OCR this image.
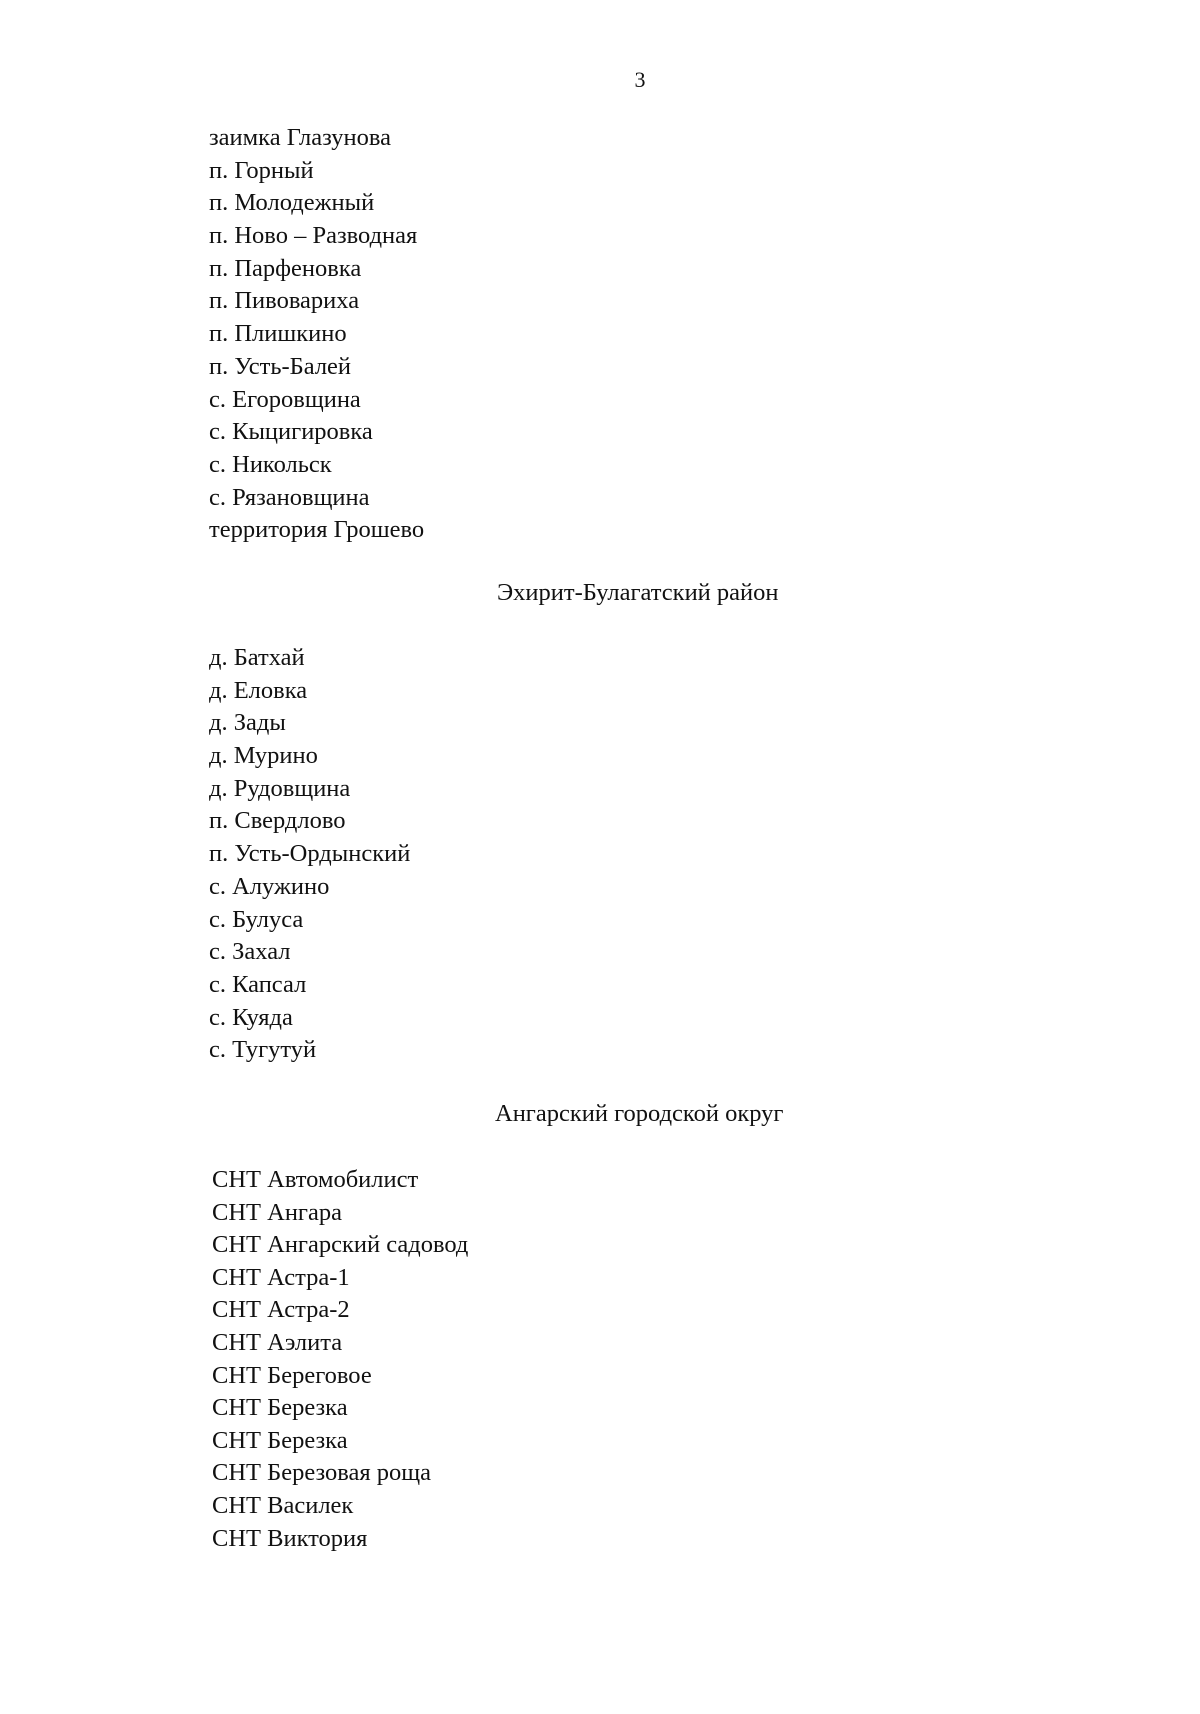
3
заимка Глазунова
п. Горный
п. Молодежный
п. Ново – Разводная
п. Парфеновка
п. Пивовариха
п. Плишкино
п. Усть-Балей
с. Егоровщина
с. Кыцигировка
с. Никольск
с. Рязановщина
территория Грошево
Эхирит-Булагатский район
д. Батхай
д. Еловка
д. Зады
д. Мурино
д. Рудовщина
п. Свердлово
п. Усть-Ордынский
с. Алужино
с. Булуса
с. Захал
с. Капсал
с. Куяда
с. Тугутуй
Ангарский городской округ
СНТ Автомобилист
СНТ Ангара
СНТ Ангарский садовод
СНТ Астра-1
СНТ Астра-2
СНТ Аэлита
СНТ Береговое
СНТ Березка
СНТ Березка
СНТ Березовая роща
СНТ Василек
СНТ Виктория
